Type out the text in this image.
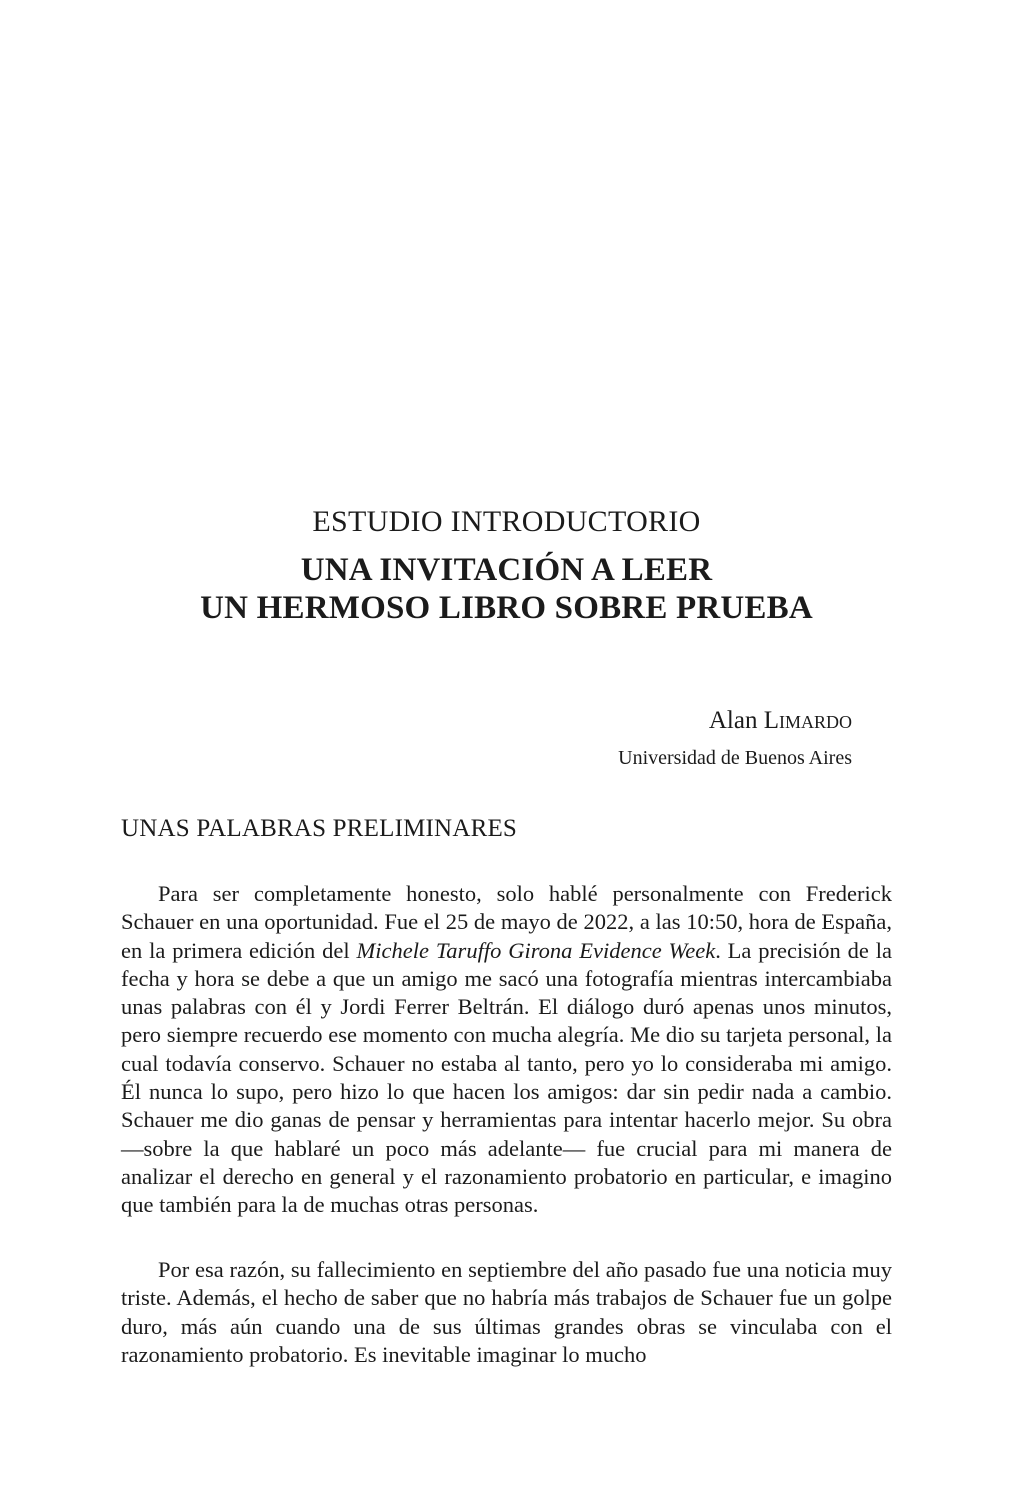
ESTUDIO INTRODUCTORIO
UNA INVITACIÓN A LEER
UN HERMOSO LIBRO SOBRE PRUEBA
Alan Limardo
Universidad de Buenos Aires
UNAS PALABRAS PRELIMINARES

Para ser completamente honesto, solo hablé personalmente con Frederick Schauer en una oportunidad. Fue el 25 de mayo de 2022, a las 10:50, hora de España, en la primera edición del Michele Taruffo Girona Evidence Week. La precisión de la fecha y hora se debe a que un amigo me sacó una fotografía mientras intercambiaba unas palabras con él y Jordi Ferrer Beltrán. El diálogo duró apenas unos minutos, pero siempre recuerdo ese momento con mucha alegría. Me dio su tarjeta personal, la cual todavía conservo. Schauer no estaba al tanto, pero yo lo consideraba mi amigo. Él nunca lo supo, pero hizo lo que hacen los amigos: dar sin pedir nada a cambio. Schauer me dio ganas de pensar y herramientas para intentar hacerlo mejor. Su obra —sobre la que hablaré un poco más adelante— fue crucial para mi manera de analizar el derecho en general y el razonamiento probatorio en particular, e imagino que también para la de muchas otras personas.

Por esa razón, su fallecimiento en septiembre del año pasado fue una noticia muy triste. Además, el hecho de saber que no habría más trabajos de Schauer fue un golpe duro, más aún cuando una de sus últimas grandes obras se vinculaba con el razonamiento probatorio. Es inevitable imaginar lo mucho
